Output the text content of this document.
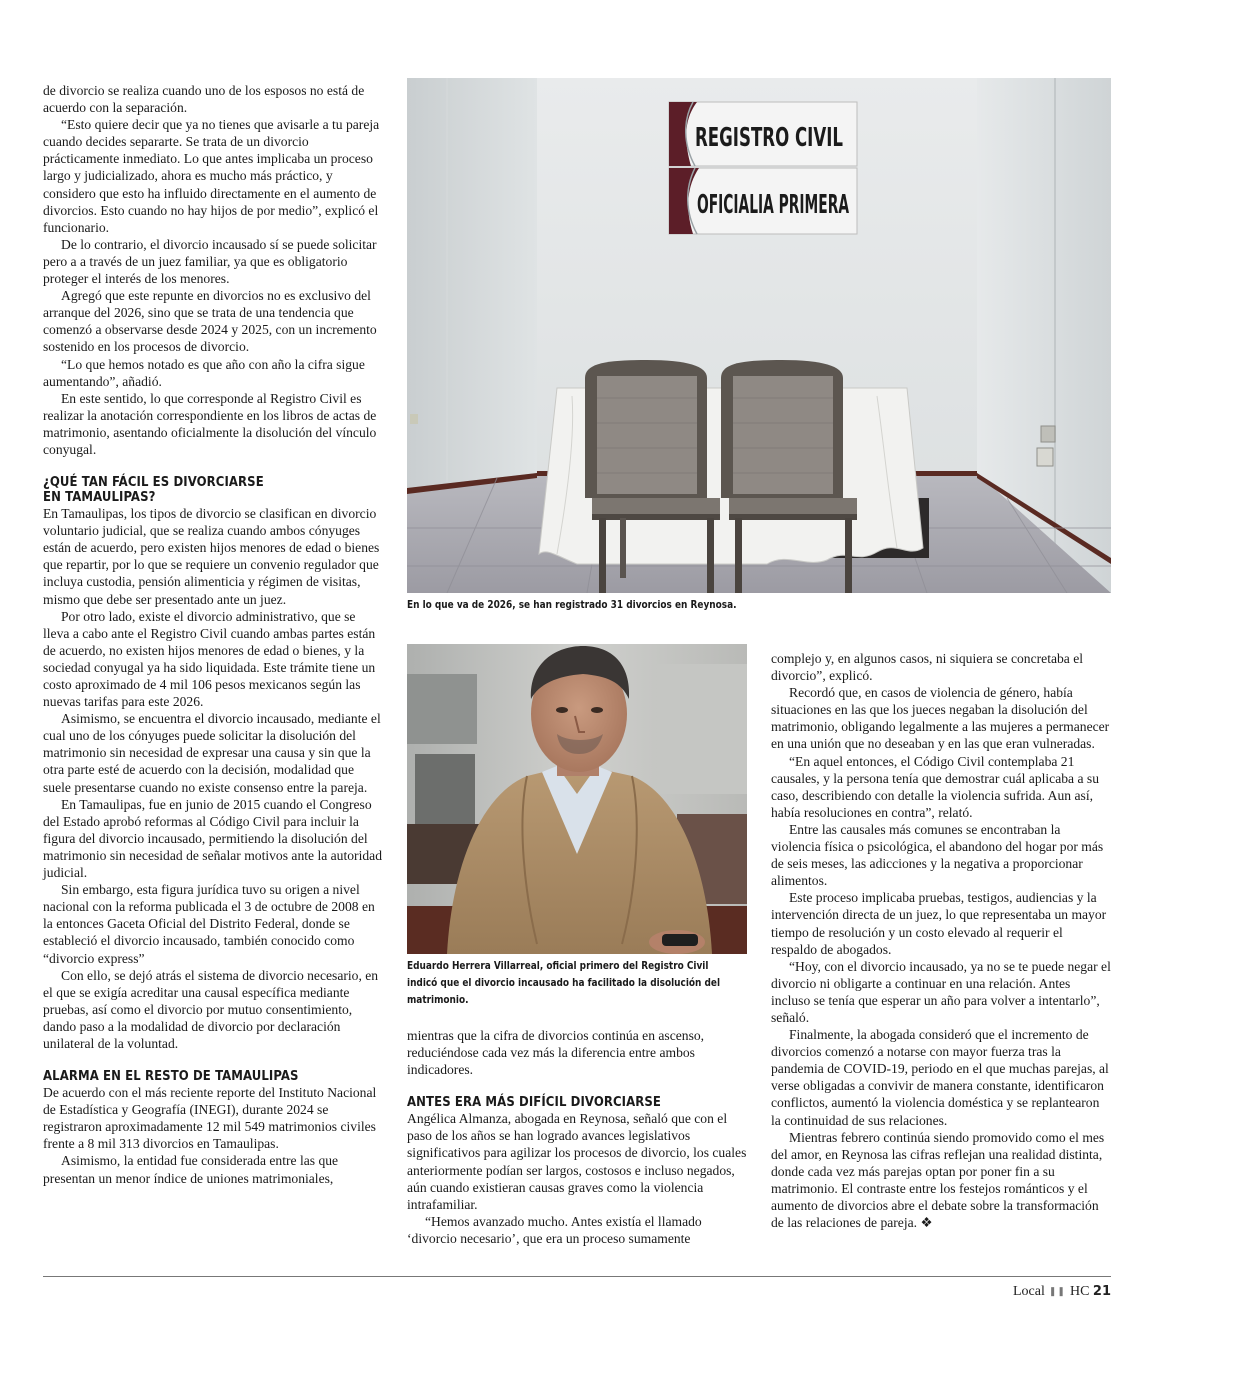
de divorcio se realiza cuando uno de los esposos no está de acuerdo con la separación.

“Esto quiere decir que ya no tienes que avisarle a tu pareja cuando decides separarte. Se trata de un divorcio prácticamente inmediato. Lo que antes implicaba un proceso largo y judicializado, ahora es mucho más práctico, y considero que esto ha influido directamente en el aumento de divorcios. Esto cuando no hay hijos de por medio”, explicó el funcionario.

De lo contrario, el divorcio incausado sí se puede solicitar pero a a través de un juez familiar, ya que es obligatorio proteger el interés de los menores.

Agregó que este repunte en divorcios no es exclusivo del arranque del 2026, sino que se trata de una tendencia que comenzó a observarse desde 2024 y 2025, con un incremento sostenido en los procesos de divorcio.

“Lo que hemos notado es que año con año la cifra sigue aumentando”, añadió.

En este sentido, lo que corresponde al Registro Civil es realizar la anotación correspondiente en los libros de actas de matrimonio, asentando oficialmente la disolución del vínculo conyugal.

¿QUÉ TAN FÁCIL ES DIVORCIARSE
EN TAMAULIPAS?

En Tamaulipas, los tipos de divorcio se clasifican en divorcio voluntario judicial, que se realiza cuando ambos cónyuges están de acuerdo, pero existen hijos menores de edad o bienes que repartir, por lo que se requiere un convenio regulador que incluya custodia, pensión alimenticia y régimen de visitas, mismo que debe ser presentado ante un juez.

Por otro lado, existe el divorcio administrativo, que se lleva a cabo ante el Registro Civil cuando ambas partes están de acuerdo, no existen hijos menores de edad o bienes, y la sociedad conyugal ya ha sido liquidada. Este trámite tiene un costo aproximado de 4 mil 106 pesos mexicanos según las nuevas tarifas para este 2026.

Asimismo, se encuentra el divorcio incausado, mediante el cual uno de los cónyuges puede solicitar la disolución del matrimonio sin necesidad de expresar una causa y sin que la otra parte esté de acuerdo con la decisión, modalidad que suele presentarse cuando no existe consenso entre la pareja.

En Tamaulipas, fue en junio de 2015 cuando el Congreso del Estado aprobó reformas al Código Civil para incluir la figura del divorcio incausado, permitiendo la disolución del matrimonio sin necesidad de señalar motivos ante la autoridad judicial.

Sin embargo, esta figura jurídica tuvo su origen a nivel nacional con la reforma publicada el 3 de octubre de 2008 en la entonces Gaceta Oficial del Distrito Federal, donde se estableció el divorcio incausado, también conocido como “divorcio express”

Con ello, se dejó atrás el sistema de divorcio necesario, en el que se exigía acreditar una causal específica mediante pruebas, así como el divorcio por mutuo consentimiento, dando paso a la modalidad de divorcio por declaración unilateral de la voluntad.

ALARMA EN EL RESTO DE TAMAULIPAS

De acuerdo con el más reciente reporte del Instituto Nacional de Estadística y Geografía (INEGI), durante 2024 se registraron aproximadamente 12 mil 549 matrimonios civiles frente a 8 mil 313 divorcios en Tamaulipas.

Asimismo, la entidad fue considerada entre las que presentan un menor índice de uniones matrimoniales,

REGISTRO CIVIL
OFICIALIA PRIMERA
En lo que va de 2026, se han registrado 31 divorcios en Reynosa.
Eduardo Herrera Villarreal, oficial primero del Registro Civil indicó que el divorcio incausado ha facilitado la disolución del matrimonio.

mientras que la cifra de divorcios continúa en ascenso, reduciéndose cada vez más la diferencia entre ambos indicadores.

ANTES ERA MÁS DIFÍCIL DIVORCIARSE

Angélica Almanza, abogada en Reynosa, señaló que con el paso de los años se han logrado avances legislativos significativos para agilizar los procesos de divorcio, los cuales anteriormente podían ser largos, costosos e incluso negados, aún cuando existieran causas graves como la violencia intrafamiliar.

“Hemos avanzado mucho. Antes existía el llamado ‘divorcio necesario’, que era un proceso sumamente

complejo y, en algunos casos, ni siquiera se concretaba el divorcio”, explicó.

Recordó que, en casos de violencia de género, había situaciones en las que los jueces negaban la disolución del matrimonio, obligando legalmente a las mujeres a permanecer en una unión que no deseaban y en las que eran vulneradas.

“En aquel entonces, el Código Civil contemplaba 21 causales, y la persona tenía que demostrar cuál aplicaba a su caso, describiendo con detalle la violencia sufrida. Aun así, había resoluciones en contra”, relató.

Entre las causales más comunes se encontraban la violencia física o psicológica, el abandono del hogar por más de seis meses, las adicciones y la negativa a proporcionar alimentos.

Este proceso implicaba pruebas, testigos, audiencias y la intervención directa de un juez, lo que representaba un mayor tiempo de resolución y un costo elevado al requerir el respaldo de abogados.

“Hoy, con el divorcio incausado, ya no se te puede negar el divorcio ni obligarte a continuar en una relación. Antes incluso se tenía que esperar un año para volver a intentarlo”, señaló.

Finalmente, la abogada consideró que el incremento de divorcios comenzó a notarse con mayor fuerza tras la pandemia de COVID-19, periodo en el que muchas parejas, al verse obligadas a convivir de manera constante, identificaron conflictos, aumentó la violencia doméstica y se replantearon la continuidad de sus relaciones.

Mientras febrero continúa siendo promovido como el mes del amor, en Reynosa las cifras reflejan una realidad distinta, donde cada vez más parejas optan por poner fin a su matrimonio. El contraste entre los festejos románticos y el aumento de divorcios abre el debate sobre la transformación de las relaciones de pareja. ❖

Local ❚❚ HC 21
